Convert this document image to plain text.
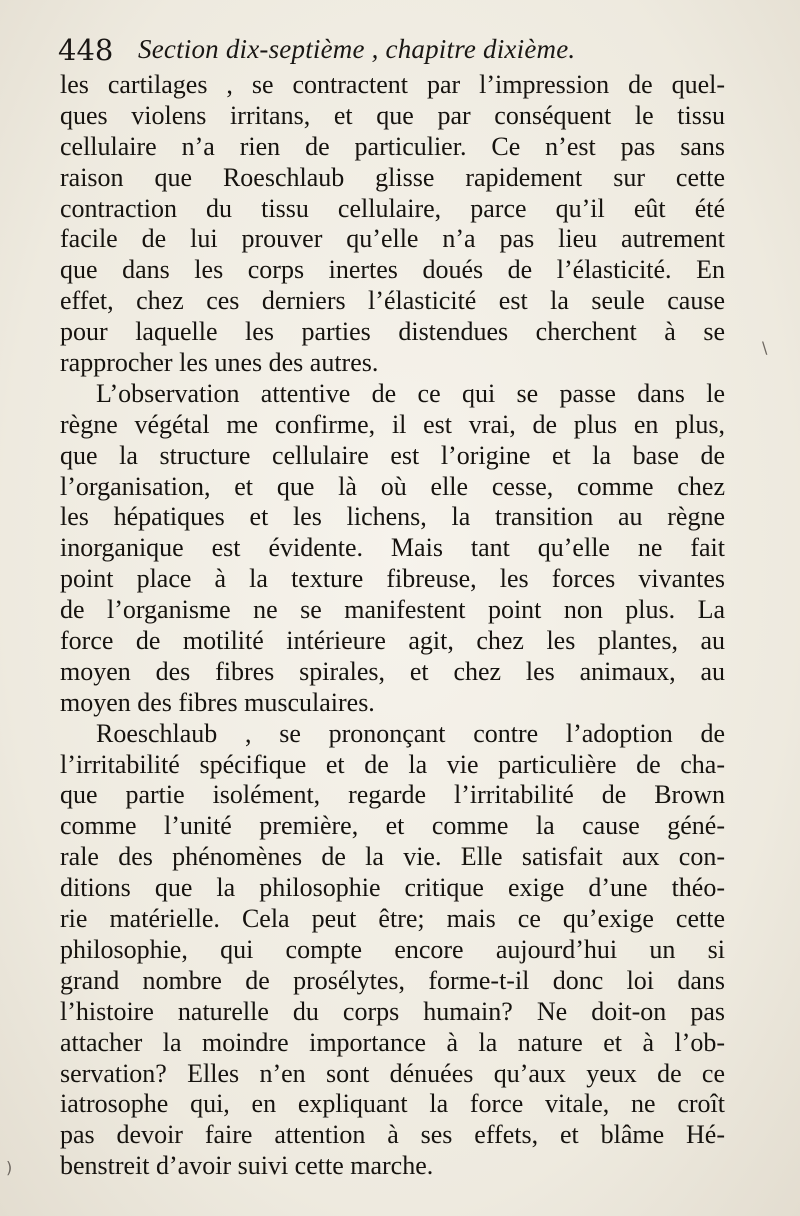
448 Section dix-septième , chapitre dixième.
les cartilages , se contractent par l’impression de quel-
ques violens irritans, et que par conséquent le tissu
cellulaire n’a rien de particulier. Ce n’est pas sans
raison que Roeschlaub glisse rapidement sur cette
contraction du tissu cellulaire, parce qu’il eût été
facile de lui prouver qu’elle n’a pas lieu autrement
que dans les corps inertes doués de l’élasticité. En
effet, chez ces derniers l’élasticité est la seule cause
pour laquelle les parties distendues cherchent à se
rapprocher les unes des autres.
L’observation attentive de ce qui se passe dans le
règne végétal me confirme, il est vrai, de plus en plus,
que la structure cellulaire est l’origine et la base de
l’organisation, et que là où elle cesse, comme chez
les hépatiques et les lichens, la transition au règne
inorganique est évidente. Mais tant qu’elle ne fait
point place à la texture fibreuse, les forces vivantes
de l’organisme ne se manifestent point non plus. La
force de motilité intérieure agit, chez les plantes, au
moyen des fibres spirales, et chez les animaux, au
moyen des fibres musculaires.
Roeschlaub , se prononçant contre l’adoption de
l’irritabilité spécifique et de la vie particulière de cha-
que partie isolément, regarde l’irritabilité de Brown
comme l’unité première, et comme la cause géné-
rale des phénomènes de la vie. Elle satisfait aux con-
ditions que la philosophie critique exige d’une théo-
rie matérielle. Cela peut être; mais ce qu’exige cette
philosophie, qui compte encore aujourd’hui un si
grand nombre de prosélytes, forme-t-il donc loi dans
l’histoire naturelle du corps humain? Ne doit-on pas
attacher la moindre importance à la nature et à l’ob-
servation? Elles n’en sont dénuées qu’aux yeux de ce
iatrosophe qui, en expliquant la force vitale, ne croît
pas devoir faire attention à ses effets, et blâme Hé-
benstreit d’avoir suivi cette marche.
)
\
